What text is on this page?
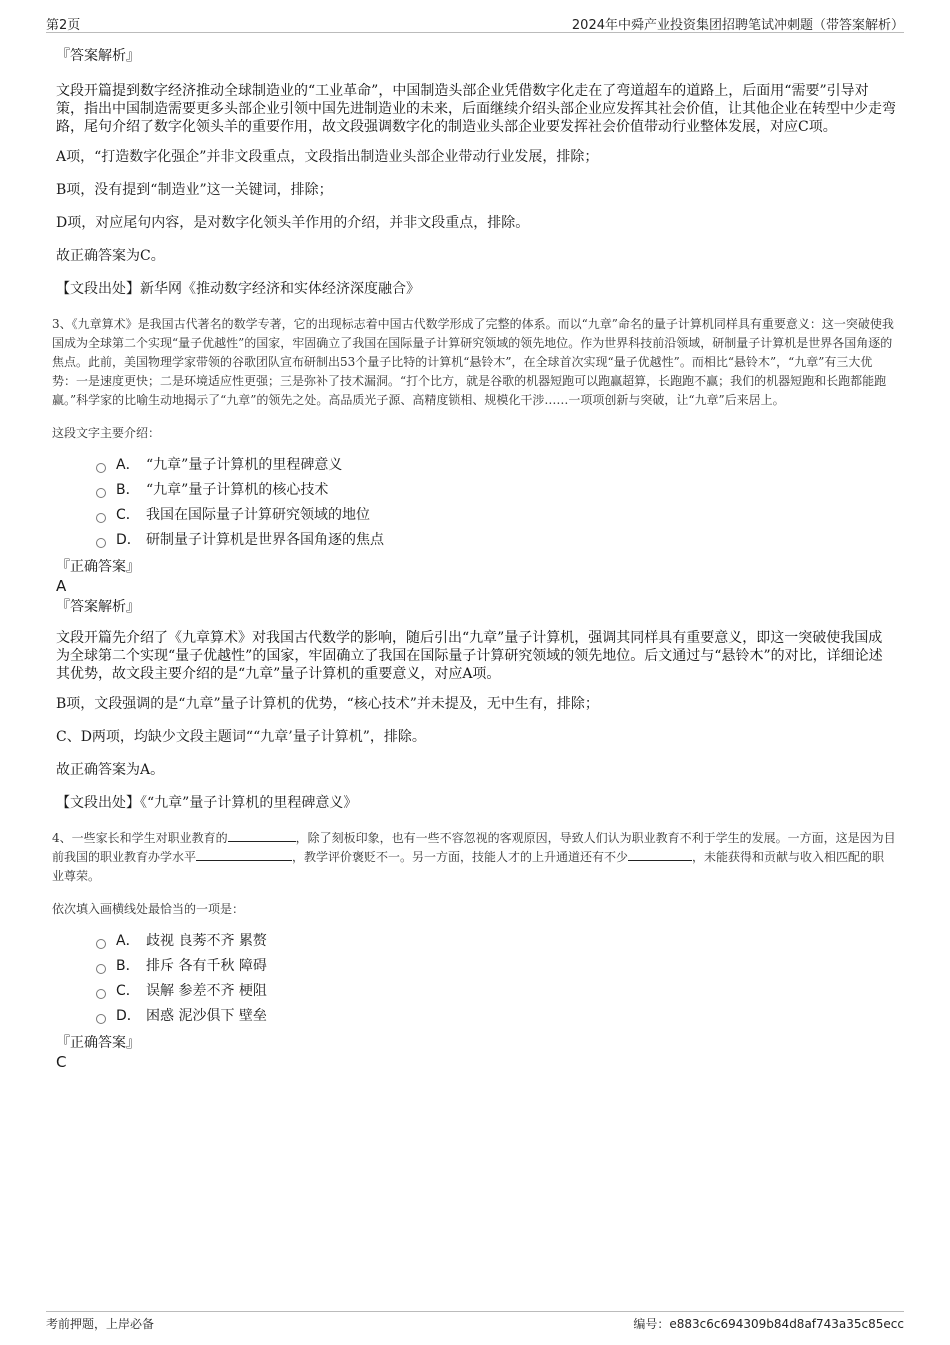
第2页	2024年中舜产业投资集团招聘笔试冲刺题（带答案解析）

『答案解析』

文段开篇提到数字经济推动全球制造业的“工业革命”，中国制造头部企业凭借数字化走在了弯道超车的道路上，后面用“需要”引导对策，指出中国制造需要更多头部企业引领中国先进制造业的未来，后面继续介绍头部企业应发挥其社会价值，让其他企业在转型中少走弯路，尾句介绍了数字化领头羊的重要作用，故文段强调数字化的制造业头部企业要发挥社会价值带动行业整体发展，对应C项。

A项，“打造数字化强企”并非文段重点，文段指出制造业头部企业带动行业发展，排除；

B项，没有提到“制造业”这一关键词，排除；

D项，对应尾句内容，是对数字化领头羊作用的介绍，并非文段重点，排除。

故正确答案为C。

【文段出处】新华网《推动数字经济和实体经济深度融合》

3、《九章算术》是我国古代著名的数学专著，它的出现标志着中国古代数学形成了完整的体系。而以“九章”命名的量子计算机同样具有重要意义：这一突破使我国成为全球第二个实现“量子优越性”的国家，牢固确立了我国在国际量子计算研究领域的领先地位。作为世界科技前沿领域，研制量子计算机是世界各国角逐的焦点。此前，美国物理学家带领的谷歌团队宣布研制出53个量子比特的计算机“悬铃木”，在全球首次实现“量子优越性”。而相比“悬铃木”，“九章”有三大优势：一是速度更快；二是环境适应性更强；三是弥补了技术漏洞。“打个比方，就是谷歌的机器短跑可以跑赢超算，长跑跑不赢；我们的机器短跑和长跑都能跑赢。”科学家的比喻生动地揭示了“九章”的领先之处。高品质光子源、高精度锁相、规模化干涉……一项项创新与突破，让“九章”后来居上。

这段文字主要介绍：

A． “九章”量子计算机的里程碑意义
B． “九章”量子计算机的核心技术
C． 我国在国际量子计算研究领域的地位
D． 研制量子计算机是世界各国角逐的焦点

『正确答案』

A

『答案解析』

文段开篇先介绍了《九章算术》对我国古代数学的影响，随后引出“九章”量子计算机，强调其同样具有重要意义，即这一突破使我国成为全球第二个实现“量子优越性”的国家，牢固确立了我国在国际量子计算研究领域的领先地位。后文通过与“悬铃木”的对比，详细论述其优势，故文段主要介绍的是“九章”量子计算机的重要意义，对应A项。

B项，文段强调的是“九章”量子计算机的优势，“核心技术”并未提及，无中生有，排除；

C、D两项，均缺少文段主题词““九章’量子计算机”，排除。

故正确答案为A。

【文段出处】《“九章”量子计算机的里程碑意义》

4、一些家长和学生对职业教育的	，除了刻板印象，也有一些不容忽视的客观原因，导致人们认为职业教育不利于学生的发展。一方面，这是因为目前我国的职业教育办学水平	，教学评价褒贬不一。另一方面，技能人才的上升通道还有不少	，未能获得和贡献与收入相匹配的职业尊荣。

依次填入画横线处最恰当的一项是：

A． 歧视 良莠不齐 累赘
B． 排斥 各有千秋 障碍
C． 误解 参差不齐 梗阻
D． 困惑 泥沙俱下 壁垒

『正确答案』

C

考前押题，上岸必备	编号：e883c6c694309b84d8af743a35c85ecc
